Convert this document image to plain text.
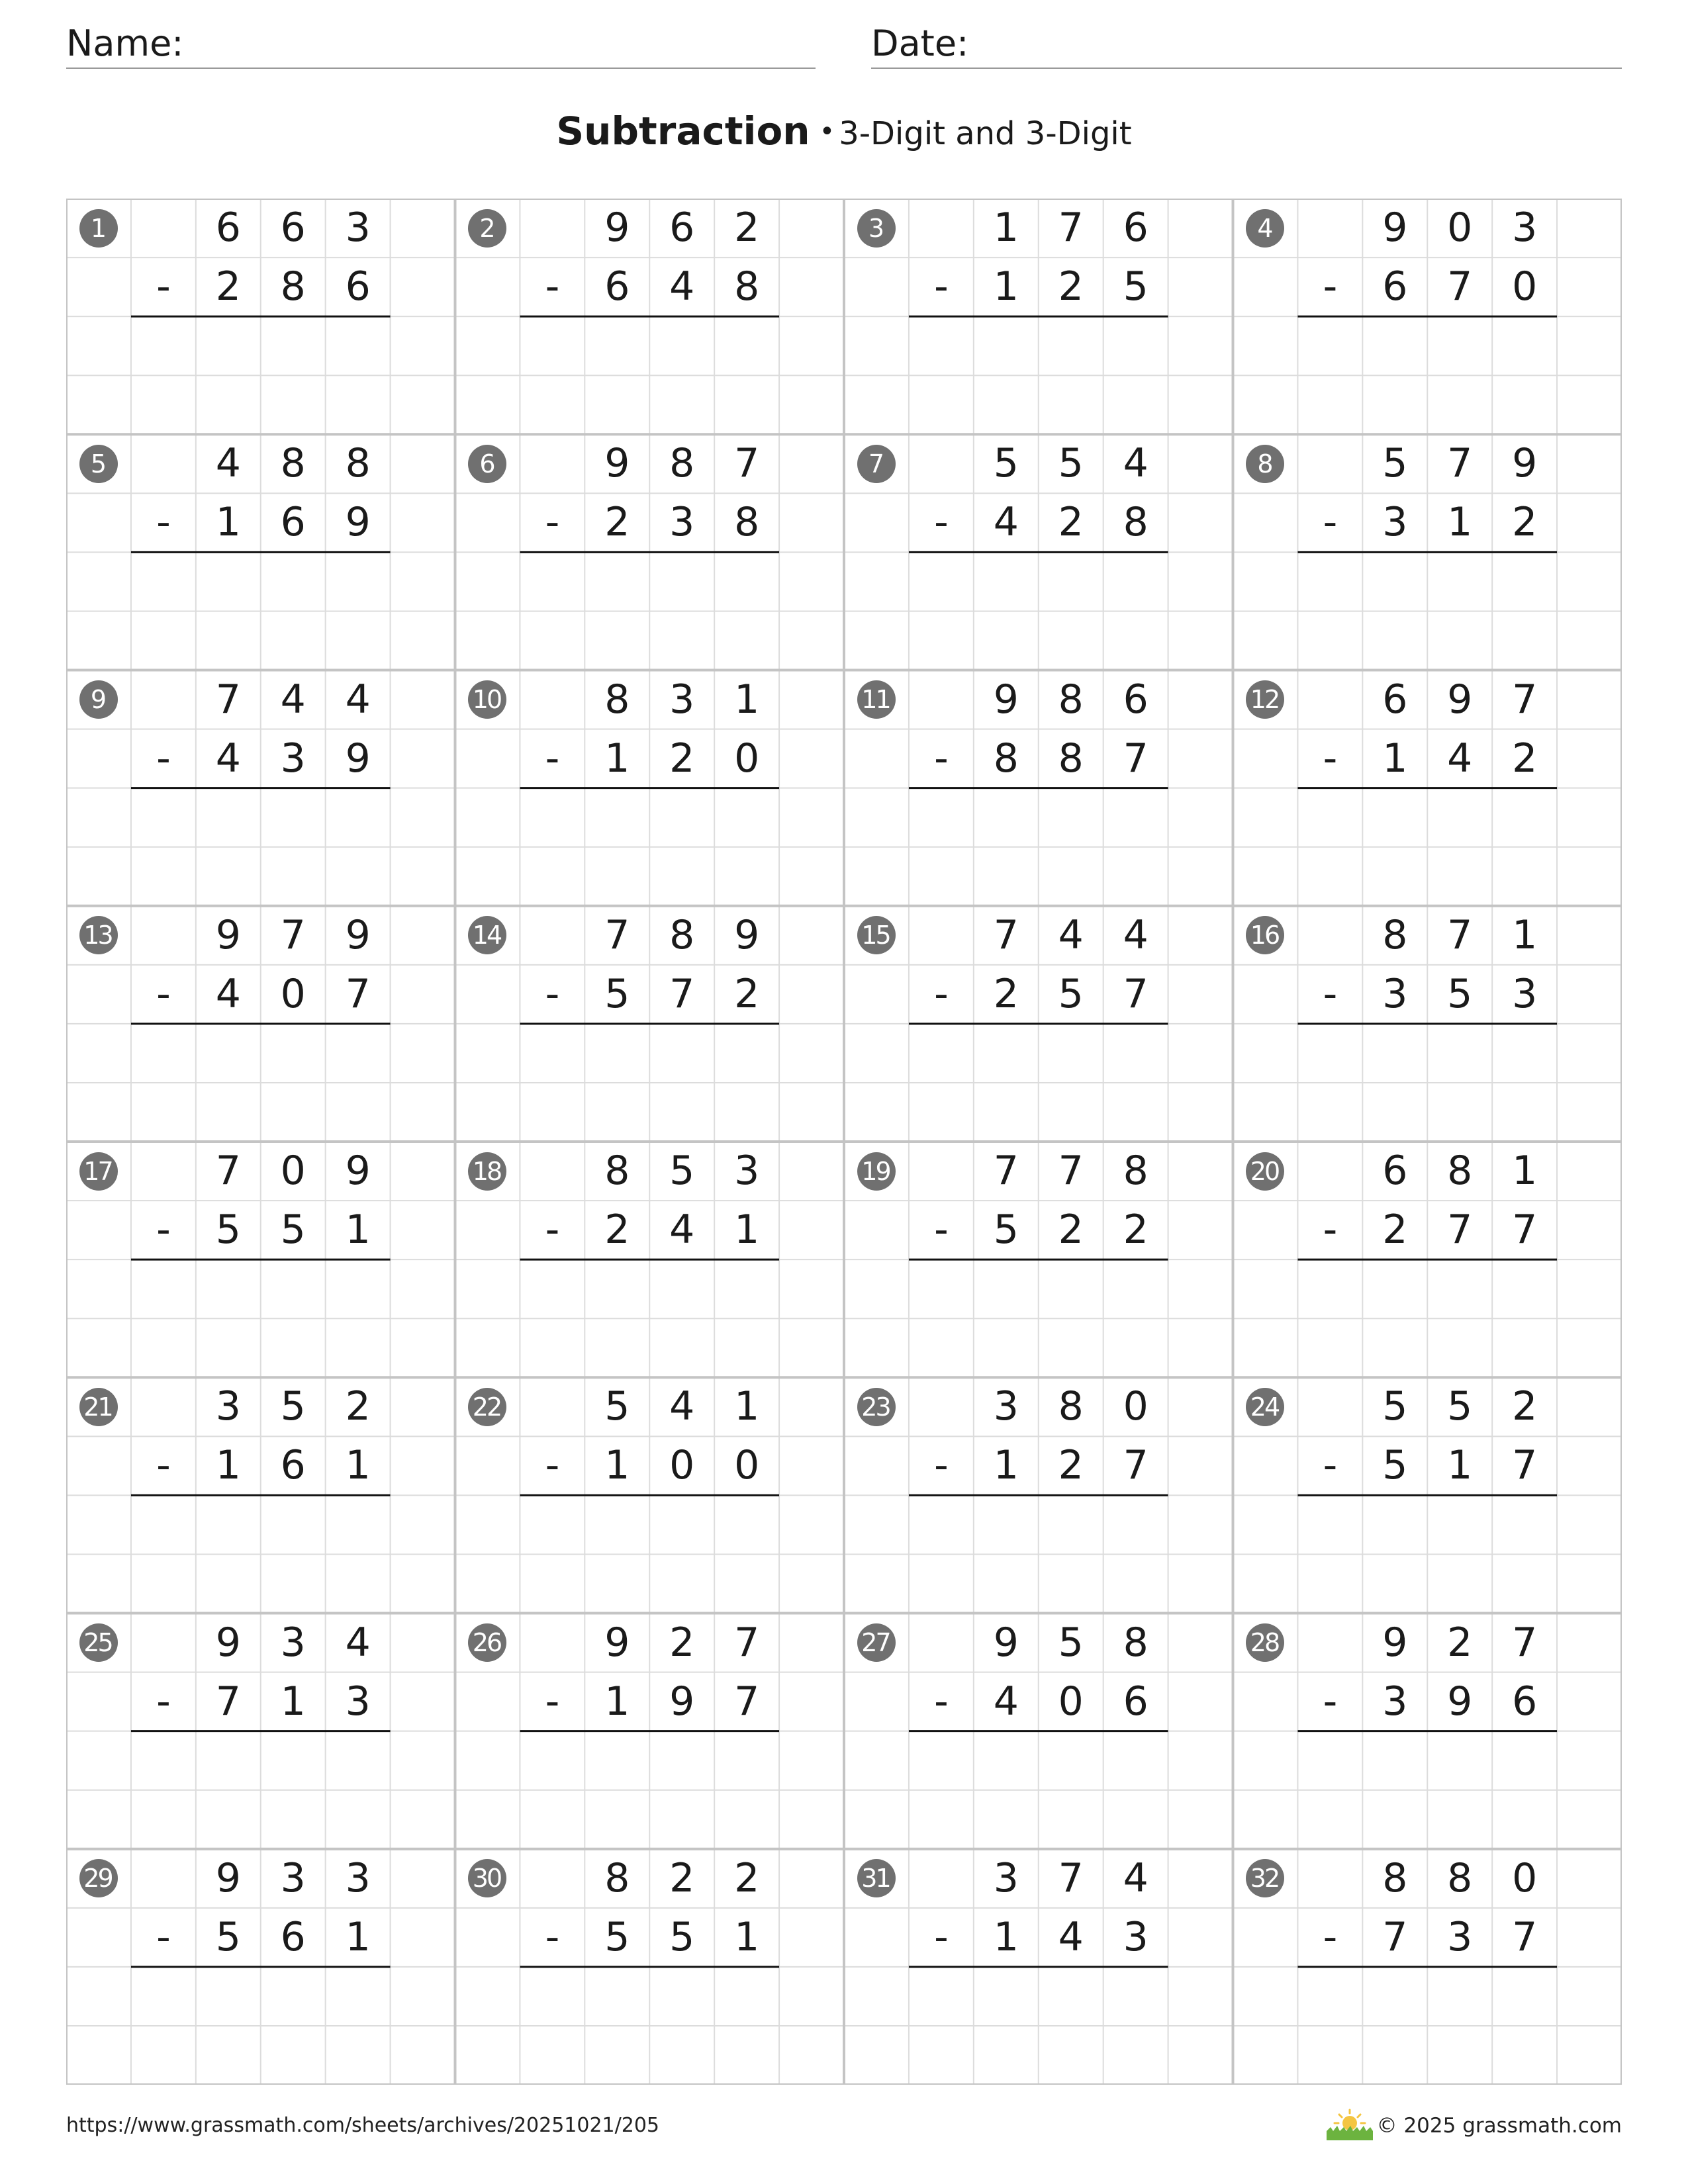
Name:	Date:
Subtraction • 3-Digit and 3-Digit
1	6 6 3
-	2 8 6
2	9 6 2
-	6 4 8
3	1 7 6
-	1 2 5
4	9 0 3
-	6 7 0
5	4 8 8
-	1 6 9
6	9 8 7
-	2 3 8
7	5 5 4
-	4 2 8
8	5 7 9
-	3 1 2
9	7 4 4
-	4 3 9
10	8 3 1
-	1 2 0
11	9 8 6
-	8 8 7
12	6 9 7
-	1 4 2
13	9 7 9
-	4 0 7
14	7 8 9
-	5 7 2
15	7 4 4
-	2 5 7
16	8 7 1
-	3 5 3
17	7 0 9
-	5 5 1
18	8 5 3
-	2 4 1
19	7 7 8
-	5 2 2
20	6 8 1
-	2 7 7
21	3 5 2
-	1 6 1
22	5 4 1
-	1 0 0
23	3 8 0
-	1 2 7
24	5 5 2
-	5 1 7
25	9 3 4
-	7 1 3
26	9 2 7
-	1 9 7
27	9 5 8
-	4 0 6
28	9 2 7
-	3 9 6
29	9 3 3
-	5 6 1
30	8 2 2
-	5 5 1
31	3 7 4
-	1 4 3
32	8 8 0
-	7 3 7
https://www.grassmath.com/sheets/archives/20251021/205	© 2025 grassmath.com
